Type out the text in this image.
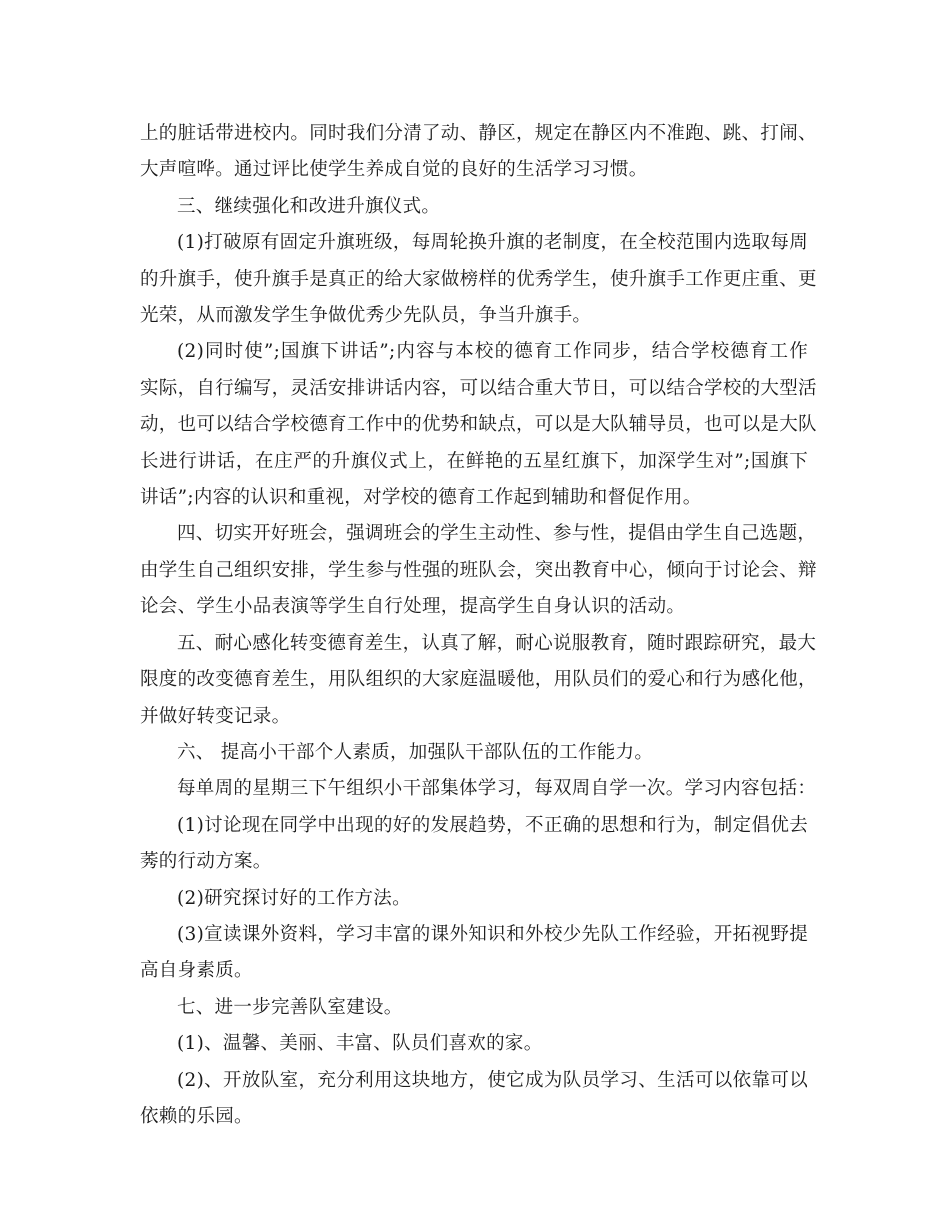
上的脏话带进校内。同时我们分清了动、静区，规定在静区内不准跑、跳、打闹、
大声喧哗。通过评比使学生养成自觉的良好的生活学习习惯。
三、继续强化和改进升旗仪式。
(1)打破原有固定升旗班级，每周轮换升旗的老制度，在全校范围内选取每周
的升旗手，使升旗手是真正的给大家做榜样的优秀学生，使升旗手工作更庄重、更
光荣，从而激发学生争做优秀少先队员，争当升旗手。
(2)同时使”;国旗下讲话”;内容与本校的德育工作同步，结合学校德育工作
实际，自行编写，灵活安排讲话内容，可以结合重大节日，可以结合学校的大型活
动，也可以结合学校德育工作中的优势和缺点，可以是大队辅导员，也可以是大队
长进行讲话，在庄严的升旗仪式上，在鲜艳的五星红旗下，加深学生对”;国旗下
讲话”;内容的认识和重视，对学校的德育工作起到辅助和督促作用。
四、切实开好班会，强调班会的学生主动性、参与性，提倡由学生自己选题，
由学生自己组织安排，学生参与性强的班队会，突出教育中心，倾向于讨论会、辩
论会、学生小品表演等学生自行处理，提高学生自身认识的活动。
五、耐心感化转变德育差生，认真了解，耐心说服教育，随时跟踪研究，最大
限度的改变德育差生，用队组织的大家庭温暖他，用队员们的爱心和行为感化他，
并做好转变记录。
六、 提高小干部个人素质，加强队干部队伍的工作能力。
每单周的星期三下午组织小干部集体学习，每双周自学一次。学习内容包括：
(1)讨论现在同学中出现的好的发展趋势，不正确的思想和行为，制定倡优去
莠的行动方案。
(2)研究探讨好的工作方法。
(3)宣读课外资料，学习丰富的课外知识和外校少先队工作经验，开拓视野提
高自身素质。
七、进一步完善队室建设。
(1)、温馨、美丽、丰富、队员们喜欢的家。
(2)、开放队室，充分利用这块地方，使它成为队员学习、生活可以依靠可以
依赖的乐园。
